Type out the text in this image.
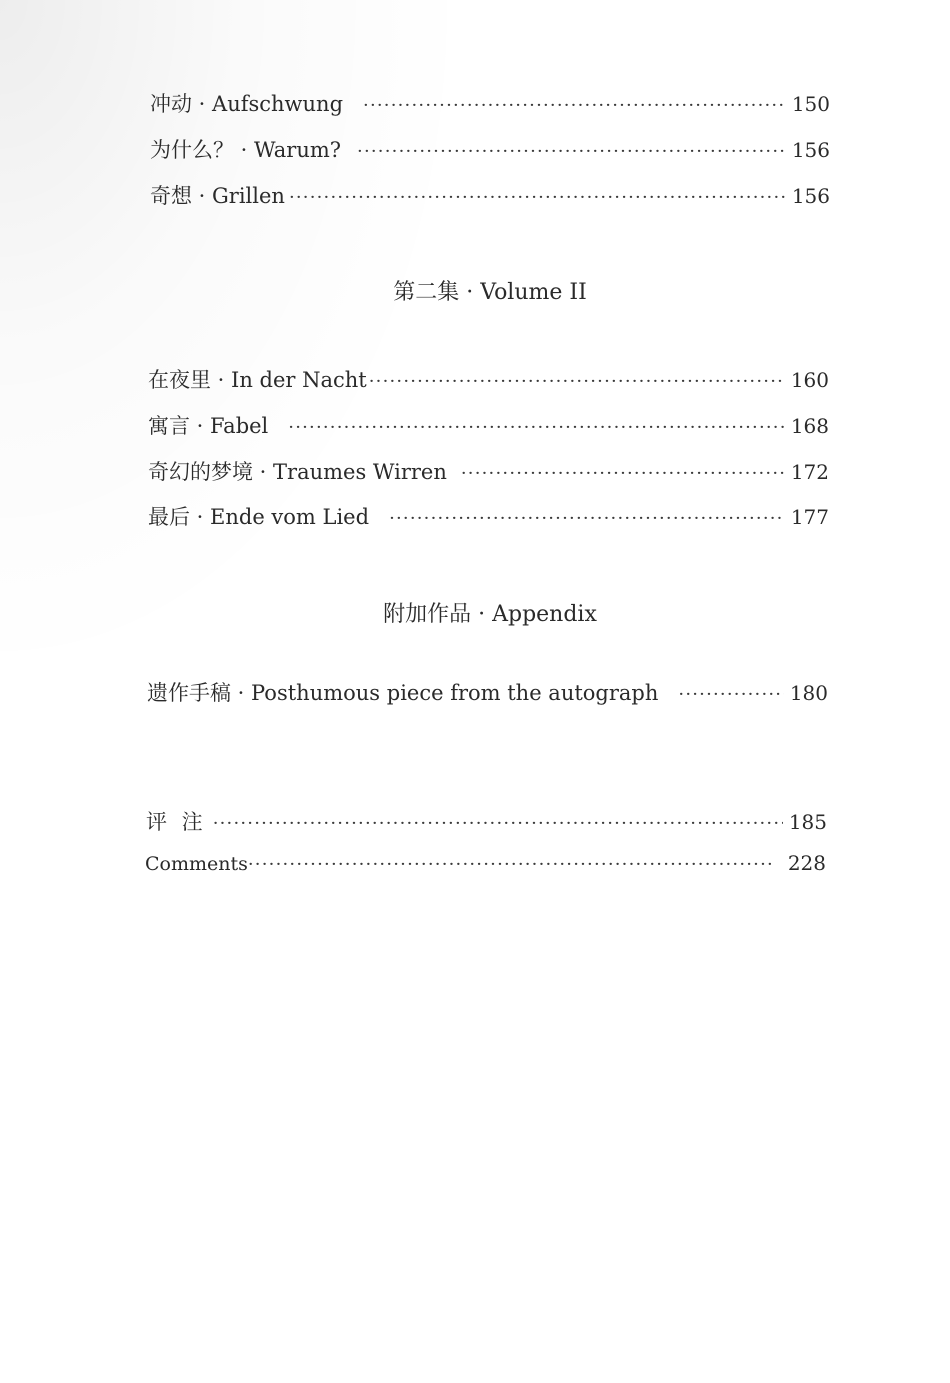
冲动 · Aufschwung ·····	150
为什么？ · Warum? ·····	156
奇想 · Grillen ·····	156
第二集 · Volume II
在夜里 · In der Nacht ·····	160
寓言 · Fabel ·····	168
奇幻的梦境 · Traumes Wirren ·····	172
最后 · Ende vom Lied ·····	177
附加作品 · Appendix
遗作手稿 · Posthumous piece from the autograph ·····	180
评 注 ·····	185
Comments ·····	228
